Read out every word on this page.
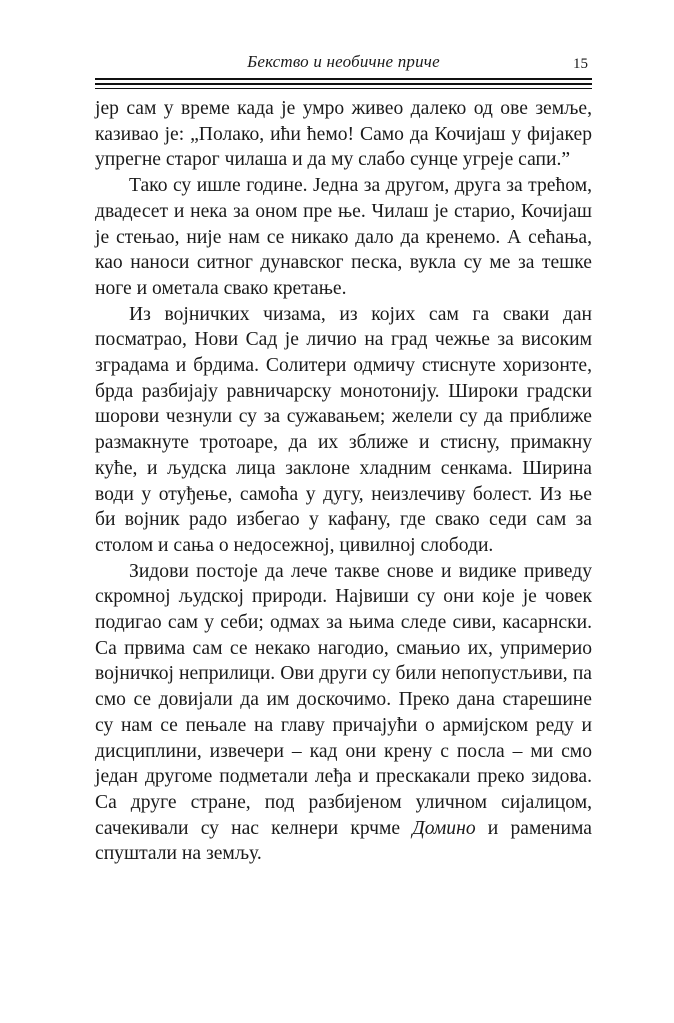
Бекство и необичне приче	15

јер сам у време када је умро живео далеко од ове земље, казивао је: „Полако, ићи ћемо! Само да Кочијаш у фијакер упрегне старог чилаша и да му слабо сунце угреје сапи.”

Тако су ишле године. Једна за другом, друга за трећом, двадесет и нека за оном пре ње. Чилаш је старио, Кочијаш је стењао, није нам се никако дало да кренемо. А сећања, као наноси ситног дунавског песка, вукла су ме за тешке ноге и ометала свако кретање.

Из војничких чизама, из којих сам га сваки дан посматрао, Нови Сад је личио на град чежње за високим зградама и брдима. Солитери одмичу стиснуте хоризонте, брда разбијају равничарску монотонију. Широки градски шорови чезнули су за сужавањем; желели су да приближе размакнуте тротоаре, да их зближе и стисну, примакну куће, и људска лица заклоне хладним сенкама. Ширина води у отуђење, самоћа у дугу, неизлечиву болест. Из ње би војник радо избегао у кафану, где свако седи сам за столом и сања о недосежној, цивилној слободи.

Зидови постоје да лече такве снове и видике приведу скромној људској природи. Највиши су они које је човек подигао сам у себи; одмах за њима следе сиви, касарнски. Са првима сам се некако нагодио, смањио их, упримерио војничкој неприлици. Ови други су били непопустљиви, па смо се довијали да им доскочимо. Преко дана старешине су нам се пењале на главу причајући о армијском реду и дисциплини, извечери – кад они крену с посла – ми смо један другоме подметали леђа и прескакали преко зидова. Са друге стране, под разбијеном уличном сијалицом, сачекивали су нас келнери крчме Домино и раменима спуштали на земљу.
